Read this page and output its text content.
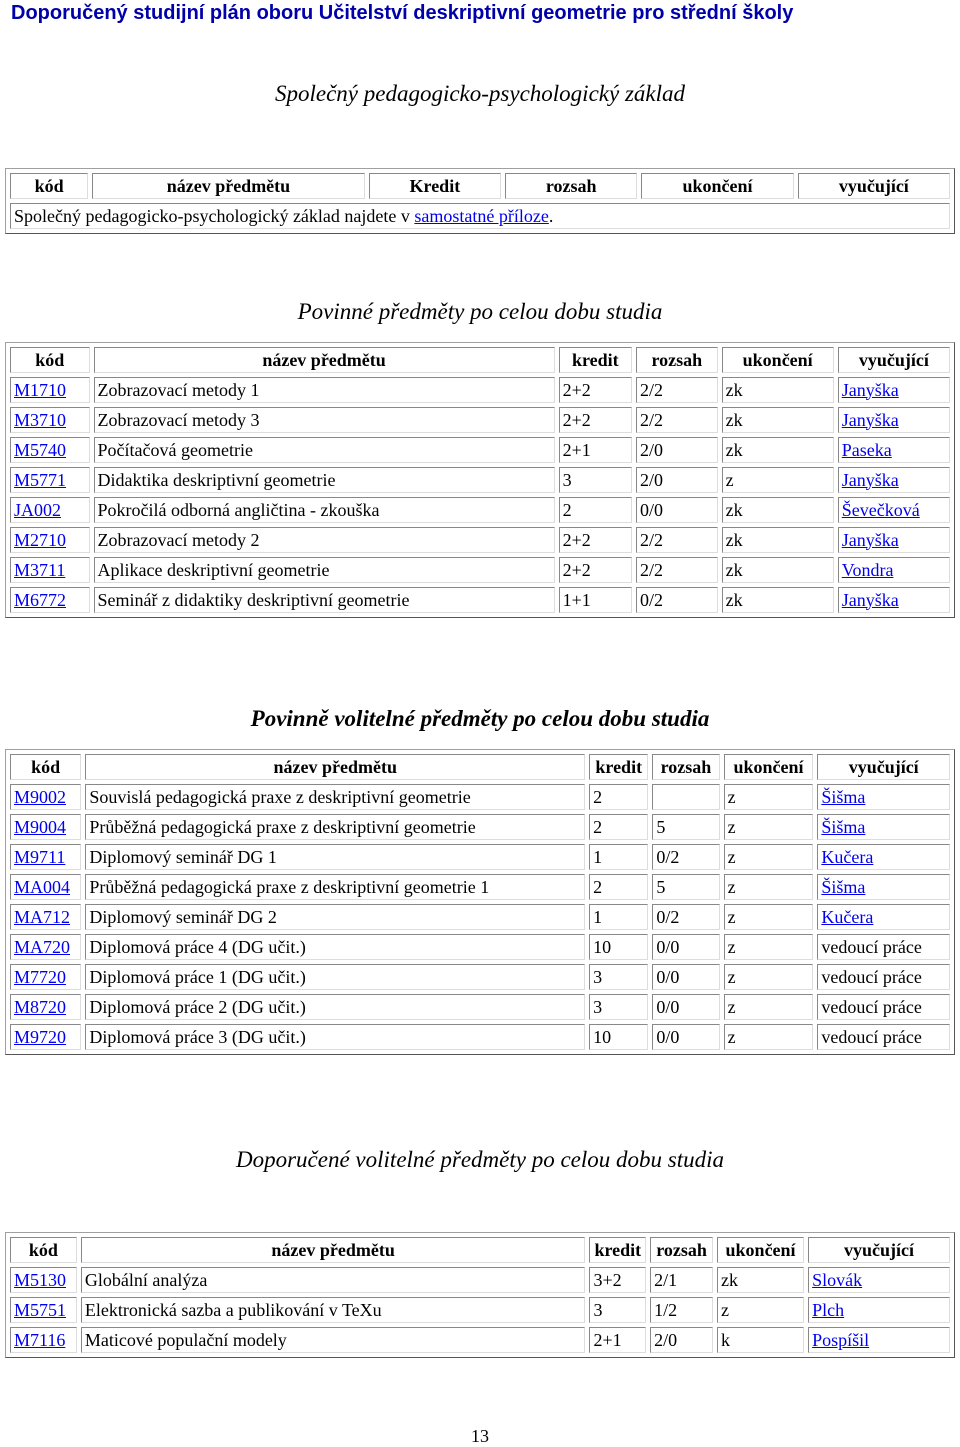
Doporučený studijní plán oboru Učitelství deskriptivní geometrie pro střední školy
Společný pedagogicko-psychologický základ
kód	název předmětu	Kredit	rozsah	ukončení	vyučující
Společný pedagogicko-psychologický základ najdete v samostatné příloze.
Povinné předměty po celou dobu studia
kód	název předmětu	kredit	rozsah	ukončení	vyučující
M1710	Zobrazovací metody 1	2+2	2/2	zk	Janyška
M3710	Zobrazovací metody 3	2+2	2/2	zk	Janyška
M5740	Počítačová geometrie	2+1	2/0	zk	Paseka
M5771	Didaktika deskriptivní geometrie	3	2/0	z	Janyška
JA002	Pokročilá odborná angličtina - zkouška	2	0/0	zk	Ševečková
M2710	Zobrazovací metody 2	2+2	2/2	zk	Janyška
M3711	Aplikace deskriptivní geometrie	2+2	2/2	zk	Vondra
M6772	Seminář z didaktiky deskriptivní geometrie	1+1	0/2	zk	Janyška
Povinně volitelné předměty po celou dobu studia
kód	název předmětu	kredit	rozsah	ukončení	vyučující
M9002	Souvislá pedagogická praxe z deskriptivní geometrie	2		z	Šišma
M9004	Průběžná pedagogická praxe z deskriptivní geometrie	2	5	z	Šišma
M9711	Diplomový seminář DG 1	1	0/2	z	Kučera
MA004	Průběžná pedagogická praxe z deskriptivní geometrie 1	2	5	z	Šišma
MA712	Diplomový seminář DG 2	1	0/2	z	Kučera
MA720	Diplomová práce 4 (DG učit.)	10	0/0	z	vedoucí práce
M7720	Diplomová práce 1 (DG učit.)	3	0/0	z	vedoucí práce
M8720	Diplomová práce 2 (DG učit.)	3	0/0	z	vedoucí práce
M9720	Diplomová práce 3 (DG učit.)	10	0/0	z	vedoucí práce
Doporučené volitelné předměty po celou dobu studia
kód	název předmětu	kredit	rozsah	ukončení	vyučující
M5130	Globální analýza	3+2	2/1	zk	Slovák
M5751	Elektronická sazba a publikování v TeXu	3	1/2	z	Plch
M7116	Maticové populační modely	2+1	2/0	k	Pospíšil
13
